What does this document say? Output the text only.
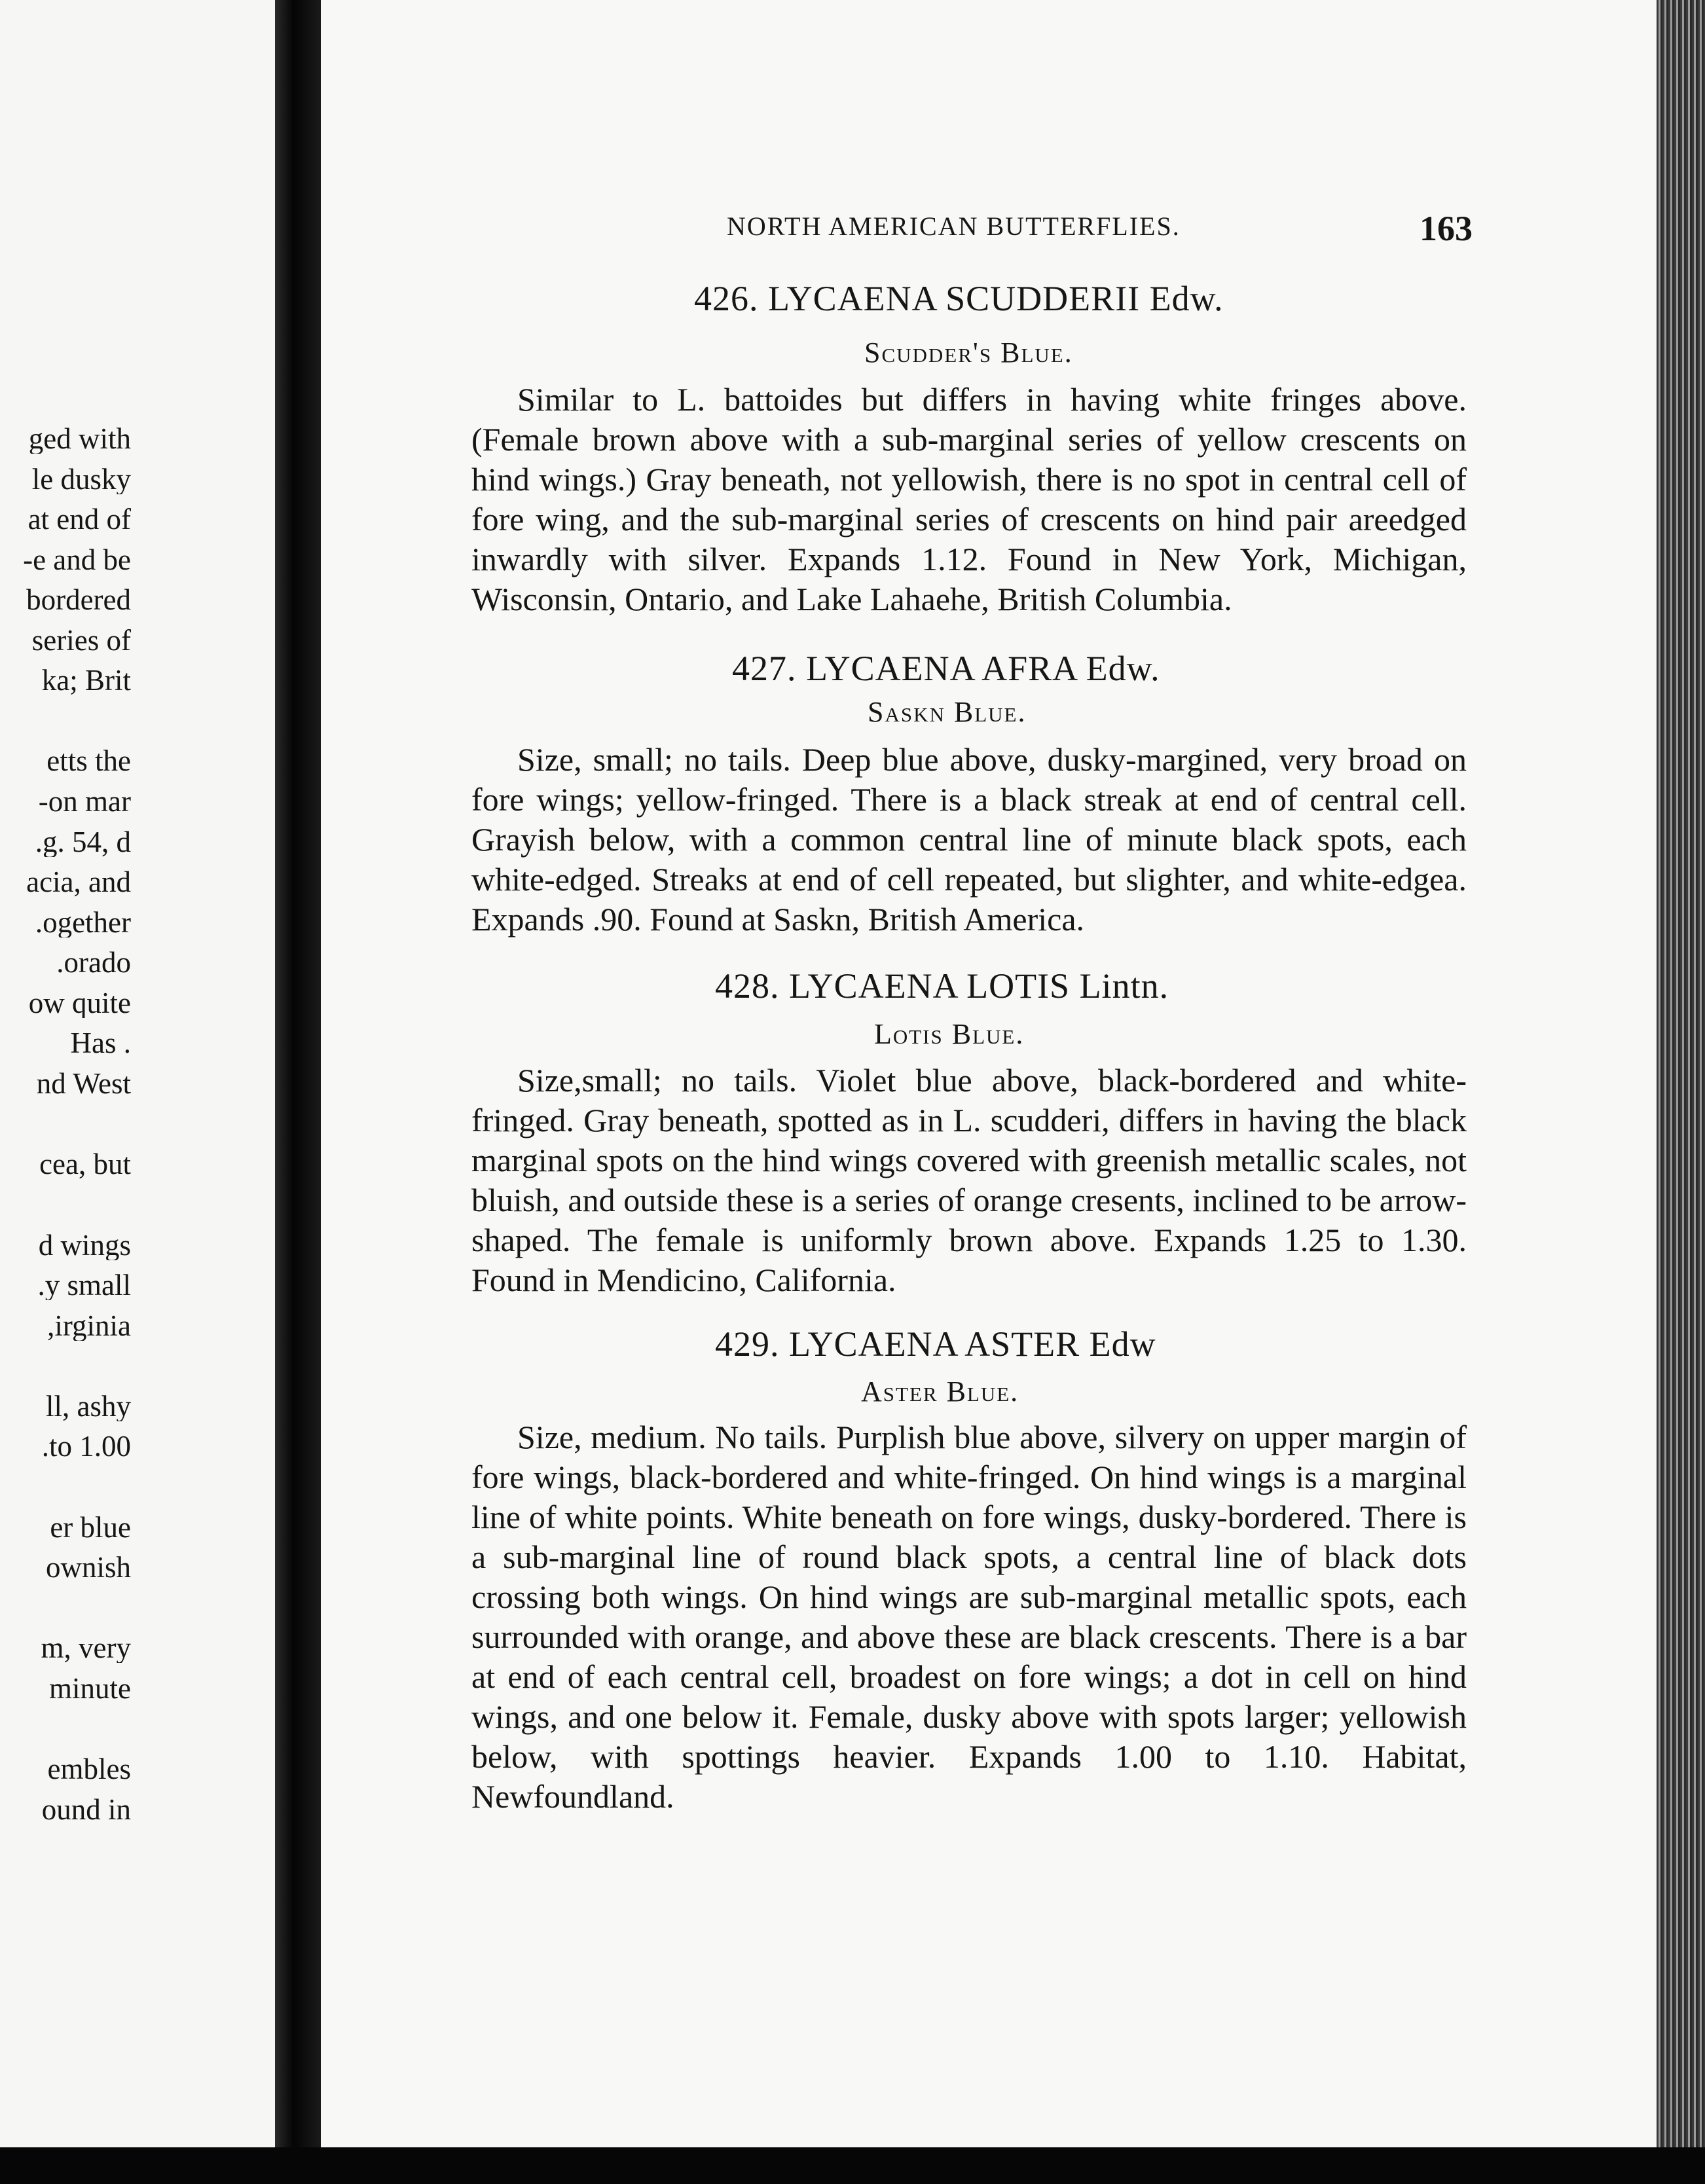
ged with
le dusky
at end of
e and be-
bordered
series of
ka; Brit
etts the
on mar-
g. 54, d.
acia, and
ogether.
orado.
ow quite
. Has
nd West
cea, but
d wings
y small.
irginia,
ll, ashy
to 1.00.
er blue
ownish
m, very
minute
embles
ound in
NORTH AMERICAN BUTTERFLIES.	163
426. LYCAENA SCUDDERII Edw.
Scudder's Blue.
Similar to L. battoides but differs in having white fringes above. (Female brown above with a sub-marginal series of yellow crescents on hind wings.) Gray beneath, not yellowish, there is no spot in central cell of fore wing, and the sub-marginal series of crescents on hind pair areedged inwardly with silver. Expands 1.12. Found in New York, Michigan, Wisconsin, Ontario, and Lake Lahaehe, British Columbia.
427. LYCAENA AFRA Edw.
Saskn Blue.
Size, small; no tails. Deep blue above, dusky-margined, very broad on fore wings; yellow-fringed. There is a black streak at end of central cell. Grayish below, with a common central line of minute black spots, each white-edged. Streaks at end of cell repeated, but slighter, and white-edgea. Expands .90. Found at Saskn, British America.
428. LYCAENA LOTIS Lintn.
Lotis Blue.
Size,small; no tails. Violet blue above, black-bordered and white-fringed. Gray beneath, spotted as in L. scudderi, differs in having the black marginal spots on the hind wings covered with greenish metallic scales, not bluish, and outside these is a series of orange cresents, inclined to be arrow-shaped. The female is uniformly brown above. Expands 1.25 to 1.30. Found in Mendicino, California.
429. LYCAENA ASTER Edw
Aster Blue.
Size, medium. No tails. Purplish blue above, silvery on upper margin of fore wings, black-bordered and white-fringed. On hind wings is a marginal line of white points. White beneath on fore wings, dusky-bordered. There is a sub-marginal line of round black spots, a central line of black dots crossing both wings. On hind wings are sub-marginal metallic spots, each surrounded with orange, and above these are black crescents. There is a bar at end of each central cell, broadest on fore wings; a dot in cell on hind wings, and one below it. Female, dusky above with spots larger; yellowish below, with spottings heavier. Expands 1.00 to 1.10. Habitat, Newfoundland.
